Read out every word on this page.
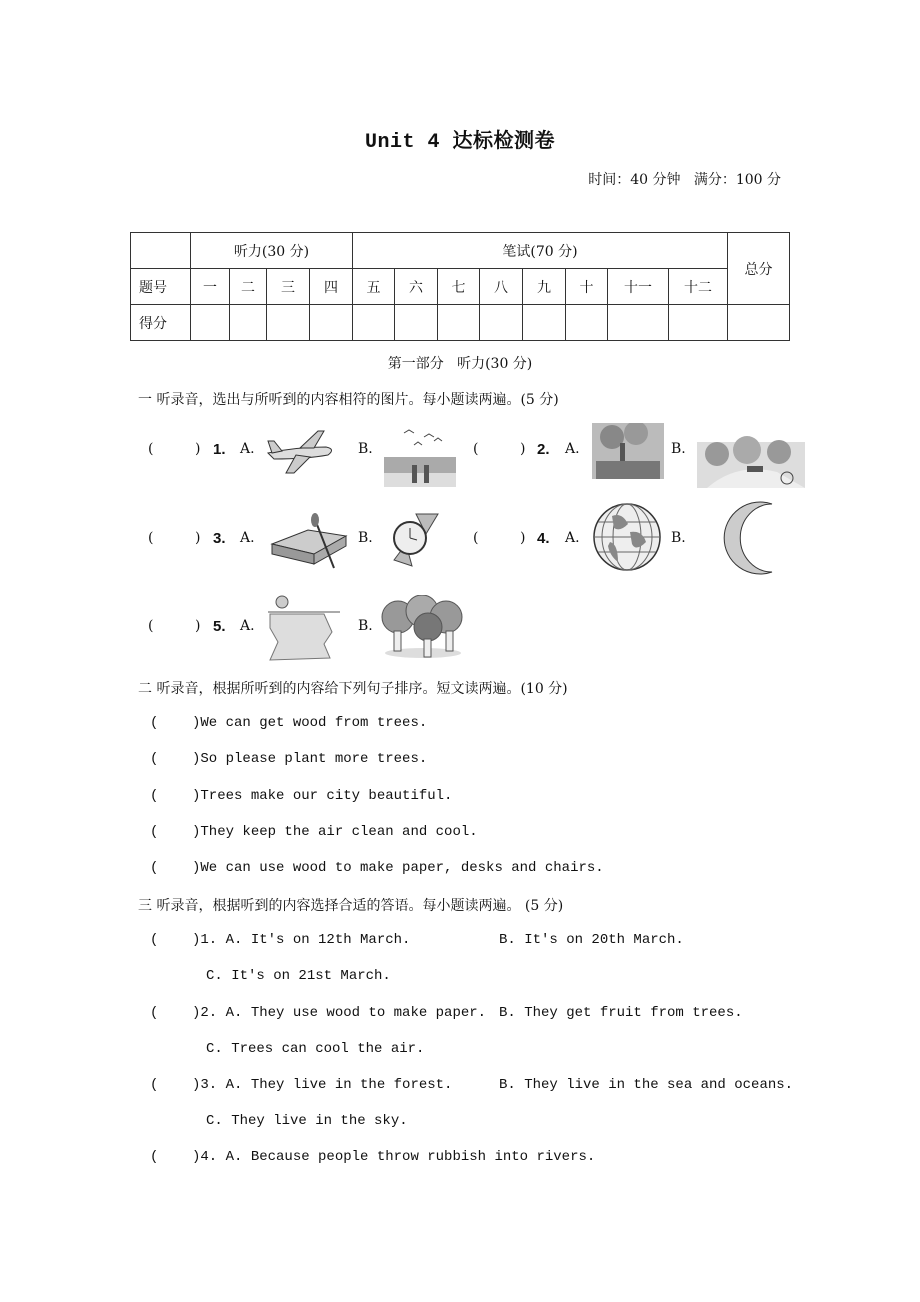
Unit 4 达标检测卷
时间：40 分钟   满分：100 分
	听力(30 分)				笔试(70 分)								总分
题号	一	二	三	四	五	六	七	八	九	十	十一	十二	
得分													
第一部分   听力(30 分)
一 听录音，选出与所听到的内容相符的图片。每小题读两遍。(5 分)
(	) 1. A.	B.	(	) 2. A.	B.
(	) 3. A.	B.	(	) 4. A.	B.
(	) 5. A.	B.
二 听录音，根据所听到的内容给下列句子排序。短文读两遍。(10 分)
(    )We can get wood from trees.
(    )So please plant more trees.
(    )Trees make our city beautiful.
(    )They keep the air clean and cool.
(    )We can use wood to make paper, desks and chairs.
三 听录音，根据听到的内容选择合适的答语。每小题读两遍。 (5 分)
(    )1. A. It's on 12th March.	B. It's on 20th March.
C. It's on 21st March.
(    )2. A. They use wood to make paper. B. They get fruit from trees.
C. Trees can cool the air.
(    )3. A. They live in the forest.	B. They live in the sea and oceans.
C. They live in the sky.
(    )4. A. Because people throw rubbish into rivers.
